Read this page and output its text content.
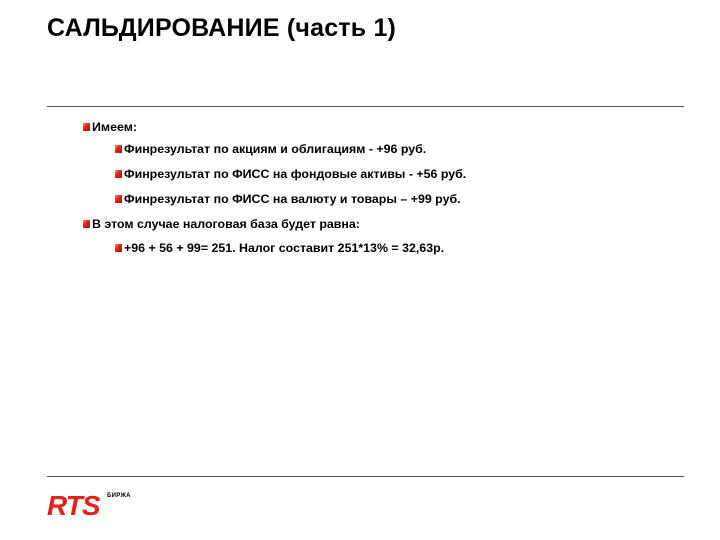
САЛЬДИРОВАНИЕ (часть 1)
Имеем:
Финрезультат по акциям и облигациям - +96 руб.
Финрезультат по ФИСС на фондовые активы - +56 руб.
Финрезультат по ФИСС на валюту и товары – +99 руб.
В этом случае налоговая база будет равна:
+96 + 56 + 99= 251. Налог составит 251*13% = 32,63р.
RTS БИРЖА
